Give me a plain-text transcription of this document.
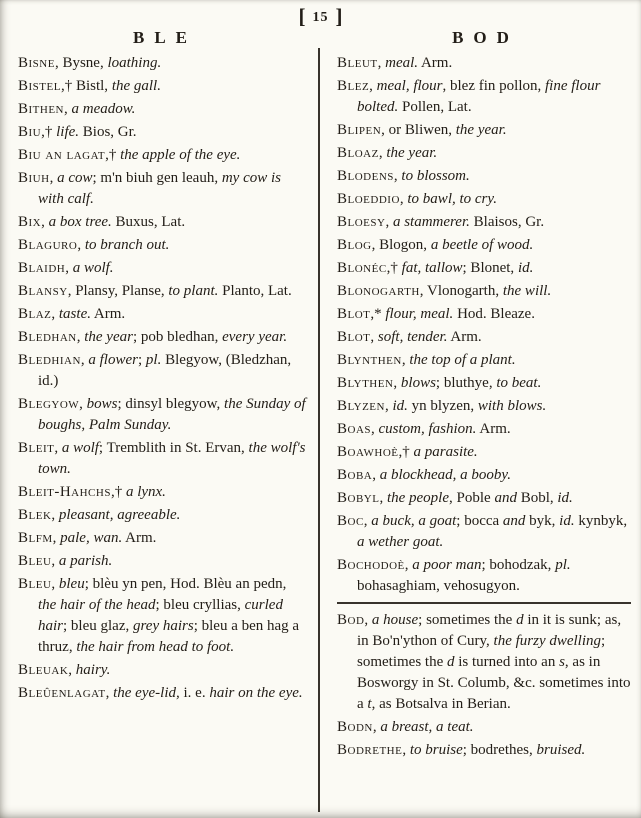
[ 15 ]
BLE	BOD

Bisne, Bysne, loathing.

Bistel,† Bistl, the gall.

Bithen, a meadow.

Biu,† life. Bios, Gr.

Biu an lagat,† the apple of the eye.

Biuh, a cow; m'n biuh gen leauh, my cow is with calf.

Bix, a box tree. Buxus, Lat.

Blaguro, to branch out.

Blaidh, a wolf.

Blansy, Plansy, Planse, to plant. Planto, Lat.

Blaz, taste. Arm.

Bledhan, the year; pob bledhan, every year.

Bledhian, a flower; pl. Blegyow, (Bledzhan, id.)

Blegyow, bows; dinsyl blegyow, the Sunday of boughs, Palm Sunday.

Bleit, a wolf; Tremblith in St. Ervan, the wolf's town.

Bleit-Hahchs,† a lynx.

Blek, pleasant, agreeable.

Blfm, pale, wan. Arm.

Bleu, a parish.

Bleu, bleu; blèu yn pen, Hod. Blèu an pedn, the hair of the head; bleu cryllias, curled hair; bleu glaz, grey hairs; bleu a ben hag a thruz, the hair from head to foot.

Bleuak, hairy.

Bleûenlagat, the eye-lid, i. e. hair on the eye.

Bleut, meal. Arm.

Blez, meal, flour, blez fin pollon, fine flour bolted. Pollen, Lat.

Blipen, or Bliwen, the year.

Bloaz, the year.

Blodens, to blossom.

Bloeddio, to bawl, to cry.

Bloesy, a stammerer. Blaisos, Gr.

Blog, Blogon, a beetle of wood.

Blonéc,† fat, tallow; Blonet, id.

Blonogarth, Vlonogarth, the will.

Blot,* flour, meal. Hod. Bleaze.

Blot, soft, tender. Arm.

Blynthen, the top of a plant.

Blythen, blows; bluthye, to beat.

Blyzen, id. yn blyzen, with blows.

Boas, custom, fashion. Arm.

Boawhoè,† a parasite.

Boba, a blockhead, a booby.

Bobyl, the people, Poble and Bobl, id.

Boc, a buck, a goat; bocca and byk, id. kynbyk, a wether goat.

Bochodoè, a poor man; bohodzak, pl. bohasaghiam, vehosugyon.

Bod, a house; sometimes the d in it is sunk; as, in Bo'n'ython of Cury, the furzy dwelling; sometimes the d is turned into an s, as in Bosworgy in St. Columb, &c. sometimes into a t, as Botsalva in Berian.

Bodn, a breast, a teat.

Bodrethe, to bruise; bodrethes, bruised.
